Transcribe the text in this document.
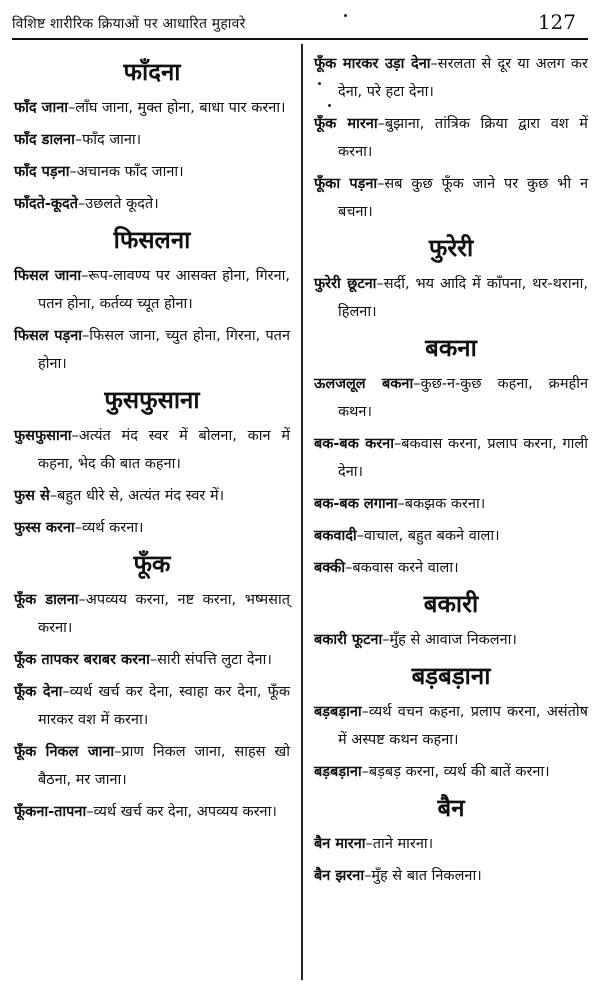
विशिष्ट शारीरिक क्रियाओं पर आधारित मुहावरे	127
फाँदना

फाँद जाना–लाँघ जाना, मुक्त होना, बाधा पार करना।

फाँद डालना–फाँद जाना।

फाँद पड़ना–अचानक फाँद जाना।

फाँदते-कूदते–उछलते कूदते।

फिसलना

फिसल जाना–रूप-लावण्य पर आसक्त होना, गिरना, पतन होना, कर्तव्य च्यूत होना।

फिसल पड़ना–फिसल जाना, च्युत होना, गिरना, पतन होना।

फुसफुसाना

फुसफुसाना–अत्यंत मंद स्वर में बोलना, कान में कहना, भेद की बात कहना।

फुस से–बहुत धीरे से, अत्यंत मंद स्वर में।

फुस्स करना–व्यर्थ करना।

फूँक

फूँक डालना–अपव्यय करना, नष्ट करना, भष्मसात् करना।

फूँक तापकर बराबर करना–सारी संपत्ति लुटा देना।

फूँक देना–व्यर्थ खर्च कर देना, स्वाहा कर देना, फूँक मारकर वश में करना।

फूँक निकल जाना–प्राण निकल जाना, साहस खो बैठना, मर जाना।

फूँकना-तापना–व्यर्थ खर्च कर देना, अपव्यय करना।

फूँक मारकर उड़ा देना–सरलता से दूर या अलग कर देना, परे हटा देना।

फूँक मारना–बुझाना, तांत्रिक क्रिया द्वारा वश में करना।

फूँका पड़ना–सब कुछ फूँक जाने पर कुछ भी न बचना।

फुरेरी

फुरेरी छूटना–सर्दी, भय आदि में काँपना, थर-थराना, हिलना।

बकना

ऊलजलूल बकना–कुछ-न-कुछ कहना, क्रमहीन कथन।

बक-बक करना–बकवास करना, प्रलाप करना, गाली देना।

बक-बक लगाना–बकझक करना।

बकवादी–वाचाल, बहुत बकने वाला।

बक्की–बकवास करने वाला।

बकारी

बकारी फूटना–मुँह से आवाज निकलना।

बड़बड़ाना

बड़बड़ाना–व्यर्थ वचन कहना, प्रलाप करना, असंतोष में अस्पष्ट कथन कहना।

बड़बड़ाना–बड़बड़ करना, व्यर्थ की बातें करना।

बैन

बैन मारना–ताने मारना।

बैन झरना–मुँह से बात निकलना।
